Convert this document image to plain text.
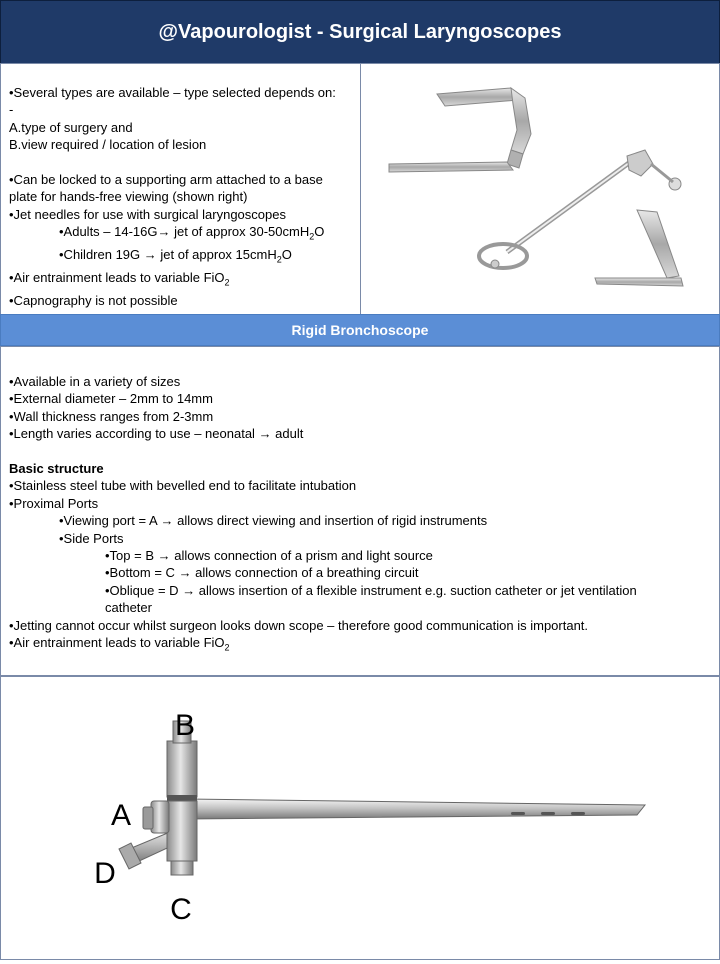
@Vapourologist - Surgical Laryngoscopes
•Several types are available – type selected depends on:
-
A.type of surgery and
B.view required / location of lesion
•Can be locked to a supporting arm attached to a base
plate for hands-free viewing (shown right)
•Jet needles for use with surgical laryngoscopes
•Adults – 14-16G→ jet of approx 30-50cmH$_2$O
•Children 19G → jet of approx 15cmH$_2$O
•Air entrainment leads to variable FiO$_2$
•Capnography is not possible
Rigid Bronchoscope
•Available in a variety of sizes
•External diameter – 2mm to 14mm
•Wall thickness ranges from 2-3mm
•Length varies according to use – neonatal → adult
Basic structure
•Stainless steel tube with bevelled end to facilitate intubation
•Proximal Ports
•Viewing port = A → allows direct viewing and insertion of rigid instruments
•Side Ports
•Top = B → allows connection of a prism and light source
•Bottom = C → allows connection of a breathing circuit
•Oblique = D → allows insertion of a flexible instrument e.g. suction catheter or jet ventilation catheter
•Jetting cannot occur whilst surgeon looks down scope – therefore good communication is important.
•Air entrainment leads to variable FiO$_2$
B
A
D
C
